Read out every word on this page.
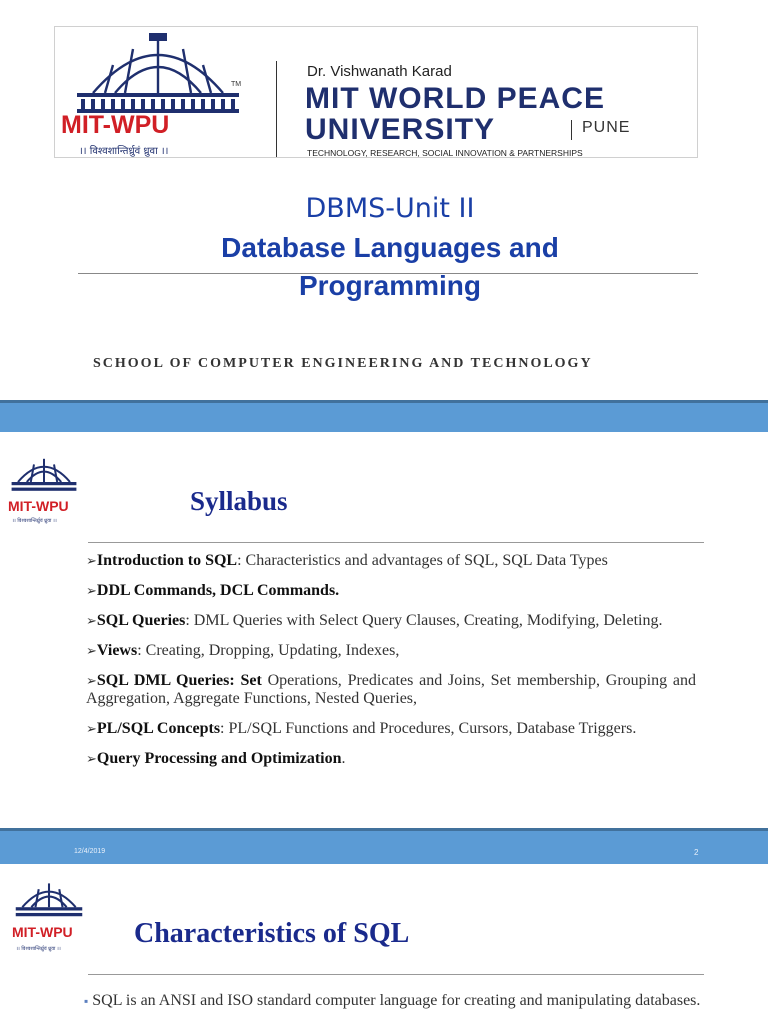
MIT-WPU
TM
।। विश्वशान्तिर्ध्रुवं ध्रुवा ।।
Dr. Vishwanath Karad
MIT WORLD PEACE
UNIVERSITY	PUNE
TECHNOLOGY, RESEARCH, SOCIAL INNOVATION & PARTNERSHIPS
DBMS-Unit II
Database Languages and
Programming
SCHOOL OF COMPUTER ENGINEERING AND TECHNOLOGY
MIT-WPU
।। विश्वशान्तिर्ध्रुवं ध्रुवा ।।
Syllabus
➢Introduction to SQL: Characteristics and advantages of SQL, SQL Data Types
➢DDL Commands, DCL Commands.
➢SQL Queries: DML Queries with Select Query Clauses, Creating, Modifying, Deleting.
➢Views: Creating, Dropping, Updating, Indexes,
➢SQL DML Queries: Set Operations, Predicates and Joins, Set membership, Grouping and Aggregation, Aggregate Functions, Nested Queries,
➢PL/SQL Concepts: PL/SQL Functions and Procedures, Cursors, Database Triggers.
➢Query Processing and Optimization.
12/4/2019	2
MIT-WPU
।। विश्वशान्तिर्ध्रुवं ध्रुवा ।।	Characteristics of SQL
▪ SQL is an ANSI and ISO standard computer language for creating and manipulating databases.
